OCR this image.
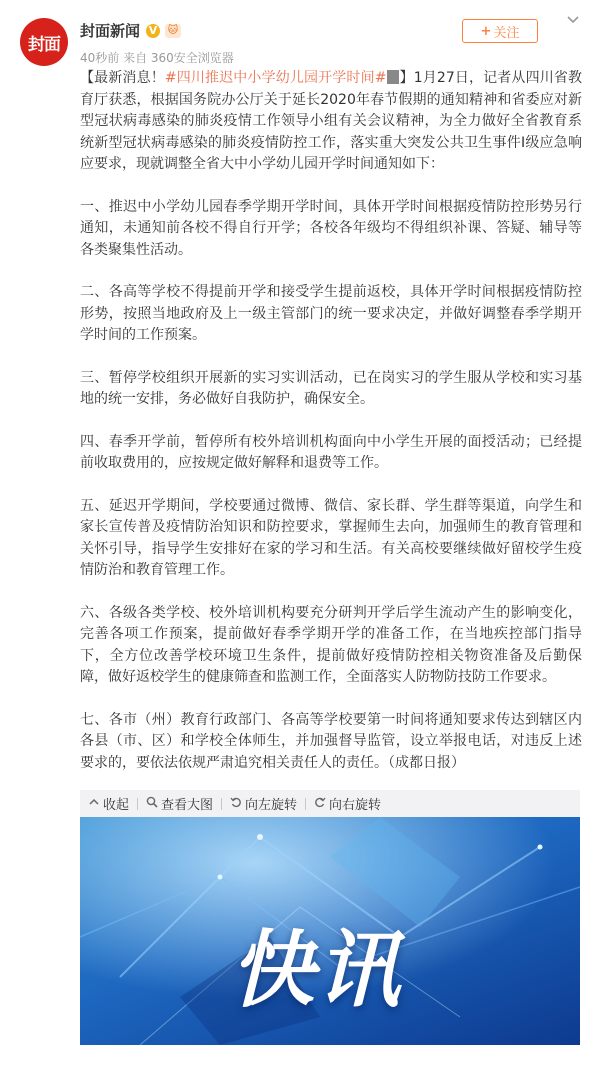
封面
封面新闻 V 🐱
40秒前 来自 360安全浏览器
+ 关注

【最新消息！#四川推迟中小学幼儿园开学时间# 】1月27日，记者从四川省教育厅获悉，根据国务院办公厅关于延长2020年春节假期的通知精神和省委应对新型冠状病毒感染的肺炎疫情工作领导小组有关会议精神，为全力做好全省教育系统新型冠状病毒感染的肺炎疫情防控工作，落实重大突发公共卫生事件Ⅰ级应急响应要求，现就调整全省大中小学幼儿园开学时间通知如下：

一、推迟中小学幼儿园春季学期开学时间，具体开学时间根据疫情防控形势另行通知，未通知前各校不得自行开学；各校各年级均不得组织补课、答疑、辅导等各类聚集性活动。

二、各高等学校不得提前开学和接受学生提前返校，具体开学时间根据疫情防控形势，按照当地政府及上一级主管部门的统一要求决定，并做好调整春季学期开学时间的工作预案。

三、暂停学校组织开展新的实习实训活动，已在岗实习的学生服从学校和实习基地的统一安排，务必做好自我防护，确保安全。

四、春季开学前，暂停所有校外培训机构面向中小学生开展的面授活动；已经提前收取费用的，应按规定做好解释和退费等工作。

五、延迟开学期间，学校要通过微博、微信、家长群、学生群等渠道，向学生和家长宣传普及疫情防治知识和防控要求，掌握师生去向，加强师生的教育管理和关怀引导，指导学生安排好在家的学习和生活。有关高校要继续做好留校学生疫情防治和教育管理工作。

六、各级各类学校、校外培训机构要充分研判开学后学生流动产生的影响变化，完善各项工作预案，提前做好春季学期开学的准备工作，在当地疾控部门指导下，全方位改善学校环境卫生条件，提前做好疫情防控相关物资准备及后勤保障，做好返校学生的健康筛查和监测工作，全面落实人防物防技防工作要求。

七、各市（州）教育行政部门、各高等学校要第一时间将通知要求传达到辖区内各县（市、区）和学校全体师生，并加强督导监管，设立举报电话，对违反上述要求的，要依法依规严肃追究相关责任人的责任。（成都日报）

收起 查看大图 向左旋转 向右旋转
快讯
